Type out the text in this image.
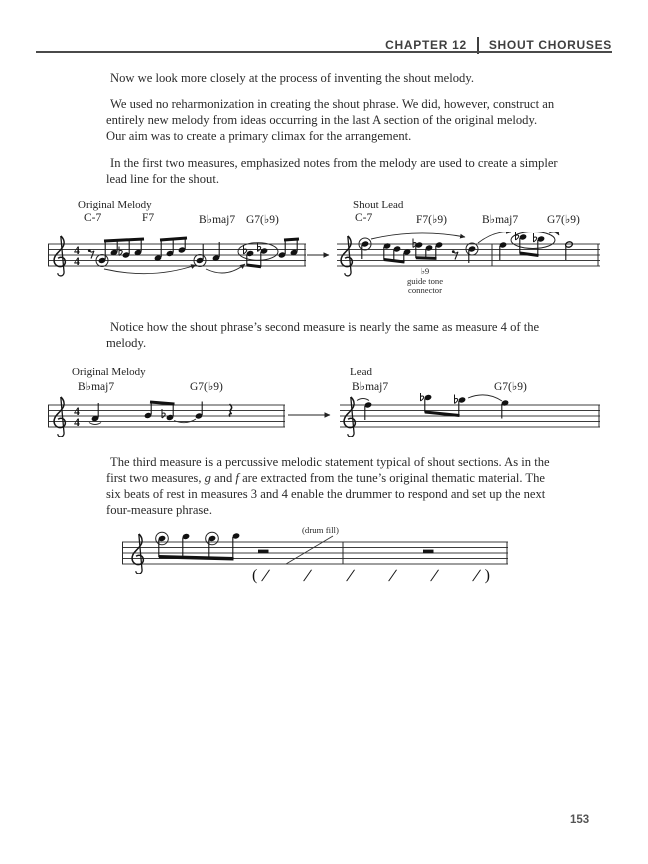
CHAPTER 12 SHOUT CHORUSES
Now we look more closely at the process of inventing the shout melody.
We used no reharmonization in creating the shout phrase. We did, however, construct an
entirely new melody from ideas occurring in the last A section of the original melody.
Our aim was to create a primary climax for the arrangement.
In the first two measures, emphasized notes from the melody are used to create a simpler
lead line for the shout.
Original Melody
C-7	F7	B♭maj7 G7(♭9)
Shout Lead
C-7	F7(♭9)	B♭maj7	G7(♭9)
4
4
♭9
guide tone
connector
Notice how the shout phrase’s second measure is nearly the same as measure 4 of the
melody.
Original Melody
B♭maj7	G7(♭9)
Lead
B♭maj7	G7(♭9)
4
4
The third measure is a percussive melodic statement typical of shout sections. As in the
first two measures, g and f are extracted from the tune’s original thematic material. The
six beats of rest in measures 3 and 4 enable the drummer to respond and set up the next
four-measure phrase.
(drum fill)
( / / / / / / )
153
